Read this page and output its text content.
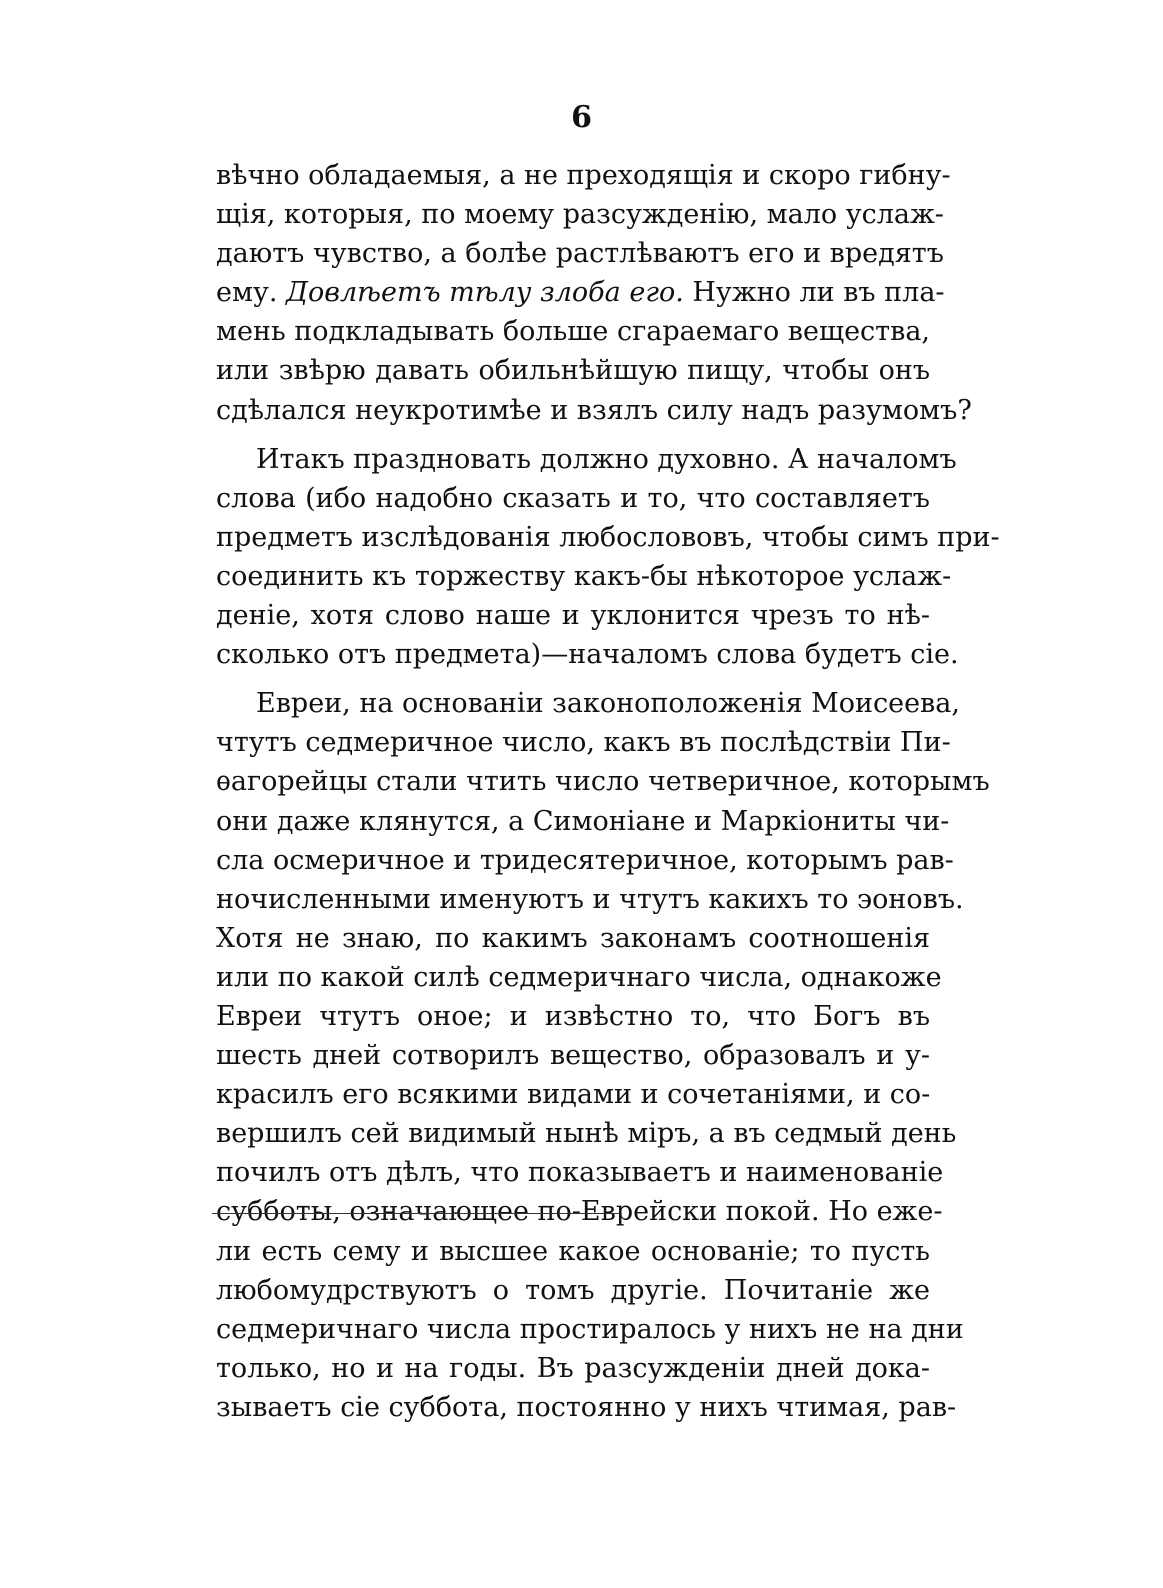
6
вѣчно обладаемыя, а не преходящія и скоро гибну-
щія, которыя, по моему разсужденію, мало услаж-
даютъ чувство, а болѣе растлѣваютъ его и вредятъ
ему. Довлѣетъ тѣлу злоба его. Нужно ли въ пла-
мень подкладывать больше сгараемаго вещества,
или звѣрю давать обильнѣйшую пищу, чтобы онъ
сдѣлался неукротимѣе и взялъ силу надъ разумомъ?
Итакъ праздновать должно духовно. А началомъ
слова (ибо надобно сказать и то, что составляетъ
предметъ изслѣдованія любослововъ, чтобы симъ при-
соединить къ торжеству какъ-бы нѣкоторое услаж-
деніе, хотя слово наше и уклонится чрезъ то нѣ-
сколько отъ предмета)—началомъ слова будетъ сіе.
Евреи, на основаніи законоположенія Моисеева,
чтутъ седмеричное число, какъ въ послѣдствіи Пи-
ѳагорейцы стали чтить число четверичное, которымъ
они даже клянутся, а Симоніане и Маркіониты чи-
сла осмеричное и тридесятеричное, которымъ рав-
ночисленными именуютъ и чтутъ какихъ то эоновъ.
Хотя не знаю, по какимъ законамъ соотношенія
или по какой силѣ седмеричнаго числа, однакоже
Евреи чтутъ оное; и извѣстно то, что Богъ въ
шесть дней сотворилъ вещество, образовалъ и у-
красилъ его всякими видами и сочетаніями, и со-
вершилъ сей видимый нынѣ міръ, а въ седмый день
почилъ отъ дѣлъ, что показываетъ и наименованіе
субботы, означающее по-Еврейски покой. Но еже-
ли есть сему и высшее какое основаніе; то пусть
любомудрствуютъ о томъ другіе. Почитаніе же
седмеричнаго числа простиралось у нихъ не на дни
только, но и на годы. Въ разсужденіи дней дока-
зываетъ сіе суббота, постоянно у нихъ чтимая, рав-
